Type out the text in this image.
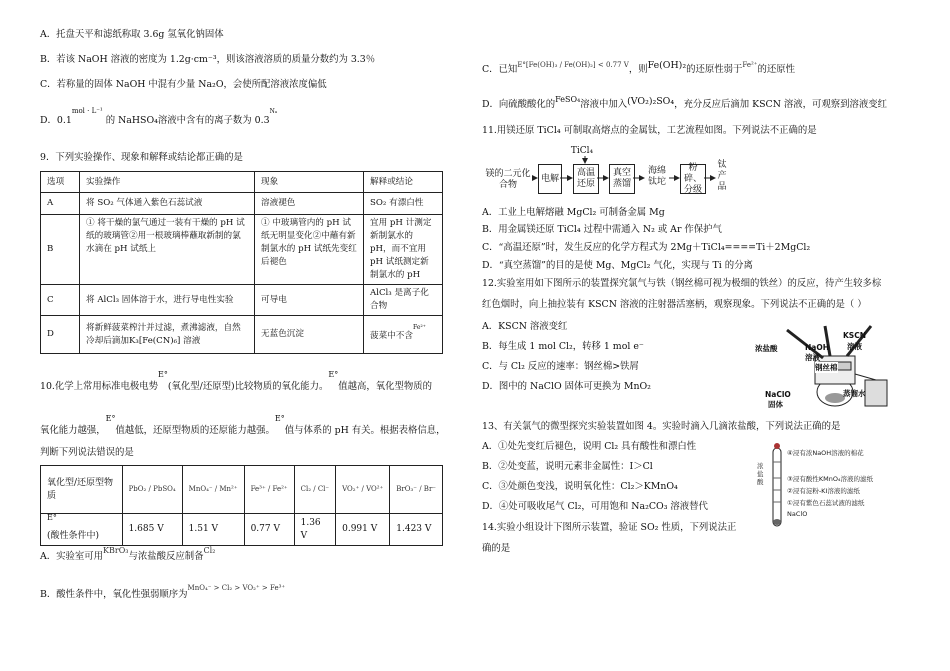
A．托盘天平和滤纸称取 3.6g 氢氧化钠固体
B．若该 NaOH 溶液的密度为 1.2g·cm⁻³，则该溶液溶质的质量分数约为 3.3％
C．若称量的固体 NaOH 中混有少量 Na₂O，会使所配溶液浓度偏低
D．$0.1^{mol \cdot L^{-1}}$ 的 NaHSO₄溶液中含有的离子数为 $0.3^{N_a}$
9．下列实验操作、现象和解释或结论都正确的是
选项	实验操作	现象	解释或结论
A	将 SO₂ 气体通入紫色石蕊试液	溶液褪色	SO₂ 有漂白性
B	① 将干燥的氯气通过一装有干燥的 pH 试纸的玻璃管②用一根玻璃棒蘸取新制的氯水滴在 pH 试纸上	① 中玻璃管内的 pH 试纸无明显变化②中蘸有新制氯水的 pH 试纸先变红后褪色	宜用 pH 计测定新制氯水的 pH，而不宜用 pH 试纸测定新制氯水的 pH
C	将 AlCl₃ 固体溶于水，进行导电性实验	可导电	AlCl₃ 是离子化合物
D	将新鲜菠菜榨汁并过滤，煮沸滤液，自然冷却后滴加K₃[Fe(CN)₆] 溶液	无蓝色沉淀	菠菜中不含$^{Fe^{2+}}$
10.化学上常用标准电极电势E°(氧化型/还原型)比较物质的氧化能力。E°值越高，氧化型物质的
氧化能力越强，E°值越低，还原型物质的还原能力越强。E°值与体系的 pH 有关。根据表格信息，
判断下列说法错误的是
氧化型/还原型物质	PbO₂ / PbSO₄	MnO₄⁻ / Mn²⁺	Fe³⁺ / Fe²⁺	Cl₂ / Cl⁻	VO₂⁺ / VO²⁺	BrO₃⁻ / Br⁻
E°
(酸性条件中)	1.685 V	1.51 V	0.77 V	1.36 V	0.991 V	1.423 V
A．实验室可用KBrO₃与浓盐酸反应制备Cl₂
B．酸性条件中，氧化性强弱顺序为$^{MnO_4^- > Cl_2 > VO_2^+ > Fe^{3+}}$
C．已知$^{E^\circ[Fe(OH)_3 / Fe(OH)_2] < 0.77 V}$，则Fe(OH)₂的还原性弱于$^{Fe^{2+}}$的还原性
D．向硫酸酸化的FeSO₄溶液中加入(VO₂)₂SO₄，充分反应后滴加 KSCN 溶液，可观察到溶液变红
11.用镁还原 TiCl₄ 可制取高熔点的金属钛，工艺流程如图。下列说法不正确的是
镁的二元化合物
TiCl₄
电解
高温还原
真空蒸馏
海绵钛坨
粉碎、分级
钛产品
A．工业上电解熔融 MgCl₂ 可制备金属 Mg
B．用金属镁还原 TiCl₄ 过程中需通入 N₂ 或 Ar 作保护气
C．“高温还原”时，发生反应的化学方程式为 2Mg＋TiCl₄====Ti＋2MgCl₂
D．“真空蒸馏”的目的是使 Mg、MgCl₂ 气化，实现与 Ti 的分离
12.实验室用如下图所示的装置探究氯气与铁（钢丝棉可视为极细的铁丝）的反应，待产生较多棕
红色烟时，向上抽拉装有 KSCN 溶液的注射器活塞柄，观察现象。下列说法不正确的是（ ）
A．KSCN 溶液变红
B．每生成 1 mol Cl₂，转移 1 mol e⁻
C．与 Cl₂ 反应的速率：钢丝棉>铁屑
D．图中的 NaClO 固体可更换为 MnO₂
浓盐酸	NaOH
溶液
KSCN
溶液
钢丝棉
NaClO
固体
蒸馏水
13、有关氯气的微型探究实验装置如图 4。实验时滴入几滴浓盐酸，下列说法正确的是
A．①处先变红后褪色，说明 Cl₂ 具有酸性和漂白性
B．②处变蓝，说明元素非金属性：I＞Cl
C．③处颜色变浅，说明氧化性：Cl₂＞KMnO₄
D．④处可吸收尾气 Cl₂，可用饱和 Na₂CO₃ 溶液替代
浓盐酸
④浸有浓NaOH溶液的棉花
③浸有酸性KMnO₄溶液的滤纸
②浸有淀粉-KI溶液的滤纸
①浸有紫色石蕊试液的滤纸
NaClO
14.实验小组设计下图所示装置，验证 SO₂ 性质，下列说法正
确的是
